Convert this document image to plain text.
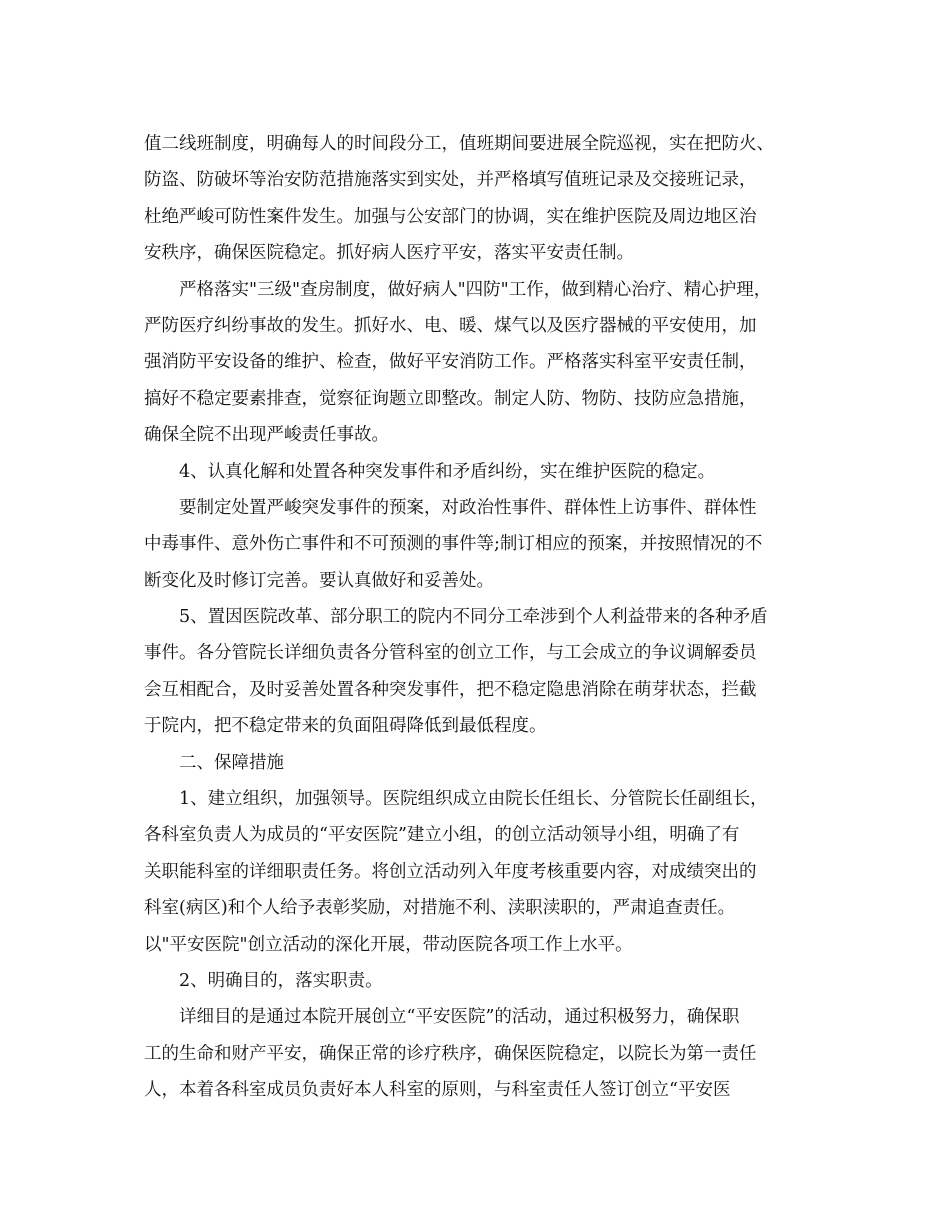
值二线班制度，明确每人的时间段分工，值班期间要进展全院巡视，实在把防火、
防盗、防破坏等治安防范措施落实到实处，并严格填写值班记录及交接班记录，
杜绝严峻可防性案件发生。加强与公安部门的协调，实在维护医院及周边地区治
安秩序，确保医院稳定。抓好病人医疗平安，落实平安责任制。
严格落实"三级"查房制度，做好病人"四防"工作，做到精心治疗、精心护理，
严防医疗纠纷事故的发生。抓好水、电、暖、煤气以及医疗器械的平安使用，加
强消防平安设备的维护、检查，做好平安消防工作。严格落实科室平安责任制，
搞好不稳定要素排查，觉察征询题立即整改。制定人防、物防、技防应急措施，
确保全院不出现严峻责任事故。
4、认真化解和处置各种突发事件和矛盾纠纷，实在维护医院的稳定。
要制定处置严峻突发事件的预案，对政治性事件、群体性上访事件、群体性
中毒事件、意外伤亡事件和不可预测的事件等;制订相应的预案，并按照情况的不
断变化及时修订完善。要认真做好和妥善处。
5、置因医院改革、部分职工的院内不同分工牵涉到个人利益带来的各种矛盾
事件。各分管院长详细负责各分管科室的创立工作，与工会成立的争议调解委员
会互相配合，及时妥善处置各种突发事件，把不稳定隐患消除在萌芽状态，拦截
于院内，把不稳定带来的负面阻碍降低到最低程度。
二、保障措施
1、建立组织，加强领导。医院组织成立由院长任组长、分管院长任副组长，
各科室负责人为成员的“平安医院”建立小组，的创立活动领导小组，明确了有
关职能科室的详细职责任务。将创立活动列入年度考核重要内容，对成绩突出的
科室(病区)和个人给予表彰奖励，对措施不利、渎职渎职的，严肃追查责任。
以"平安医院"创立活动的深化开展，带动医院各项工作上水平。
2、明确目的，落实职责。
详细目的是通过本院开展创立“平安医院”的活动，通过积极努力，确保职
工的生命和财产平安，确保正常的诊疗秩序，确保医院稳定，以院长为第一责任
人，本着各科室成员负责好本人科室的原则，与科室责任人签订创立“平安医
